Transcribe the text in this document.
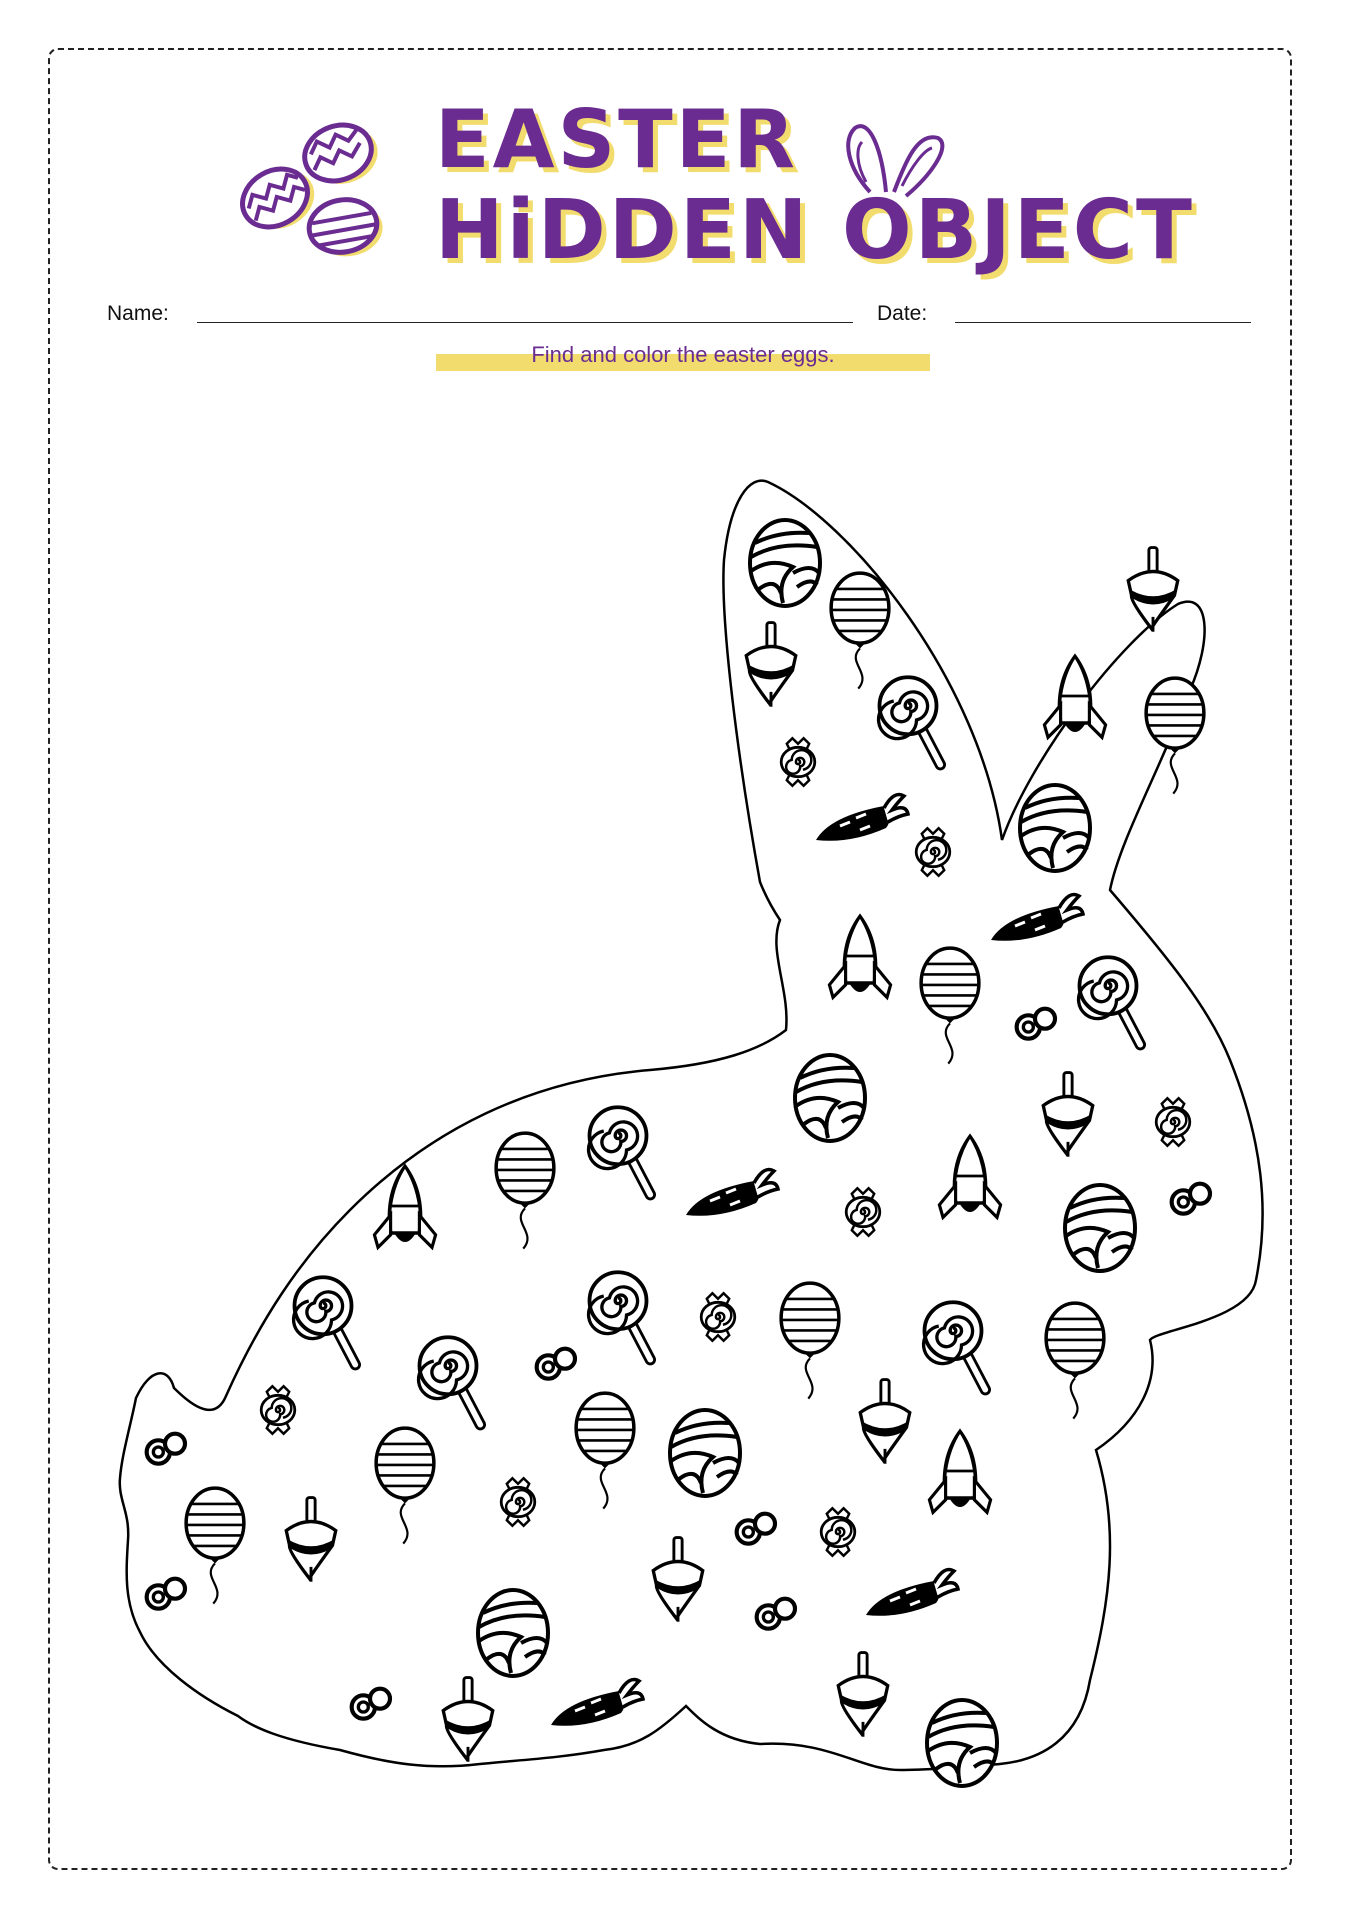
EASTER
HiDDEN OBJECT
Name:	Date:
Find and color the easter eggs.
